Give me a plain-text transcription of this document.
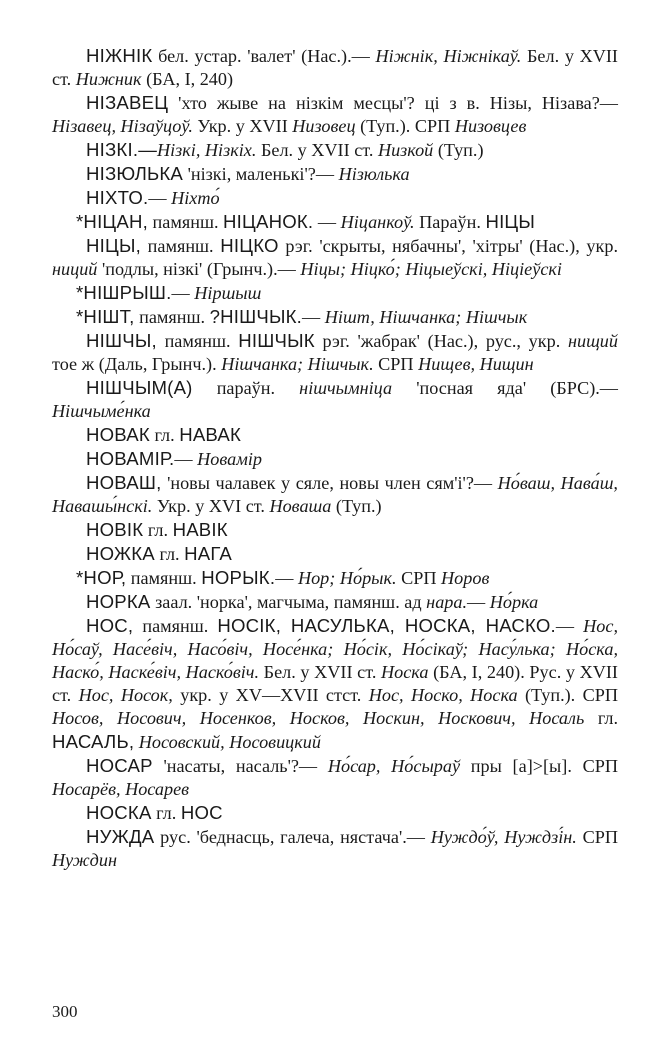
НІЖНІК бел. устар. 'валет' (Нас.).— Ніжнік, Ніжнікаў. Бел. у XVII ст. Нижник (БА, І, 240)

НІЗАВЕЦ 'хто жыве на нізкім месцы'? ці з в. Нізы, Нізава?—Нізавец, Нізаўцоў. Укр. у XVII Низовец (Туп.). СРП Низовцев

НІЗКІ.—Нізкі, Нізкіх. Бел. у XVII ст. Низкой (Туп.)

НІЗЮЛЬКА 'нізкі, маленькі'?— Нізюлька

НІХТО.— Ніхто́

*НІЦАН, памянш. НІЦАНОК. — Ніцанкоў. Параўн. НІЦЫ

НІЦЫ, памянш. НІЦКО рэг. 'скрыты, нябачны', 'хітры' (Нас.), укр. ниций 'подлы, нізкі' (Грынч.).— Ніцы; Ніцко́; Ніцыеўскі, Ніціеўскі

*НІШРЫШ.— Ніршыш

*НІШТ, памянш. ?НІШЧЫК.— Нішт, Нішчанка; Нішчык

НІШЧЫ, памянш. НІШЧЫК рэг. 'жабрак' (Нас.), рус., укр. нищий тое ж (Даль, Грынч.). Нішчанка; Нішчык. СРП Нищев, Нищин

НІШЧЫМ(А) параўн. нішчымніца 'посная яда' (БРС).— Нішчыме́нка

НОВАК гл. НАВАК

НОВАМІР.— Новамір

НОВАШ, 'новы чалавек у сяле, новы член сям'і'?— Но́ваш, Нава́ш, Навашы́нскі. Укр. у XVI ст. Новаша (Туп.)

НОВІК гл. НАВІК

НОЖКА гл. НАГА

*НОР, памянш. НОРЫК.— Нор; Но́рык. СРП Норов

НОРКА заал. 'норка', магчыма, памянш. ад нара.— Но́рка

НОС, памянш. НОСІК, НАСУЛЬКА, НОСКА, НАСКО.— Нос, Но́саў, Насе́віч, Насо́віч, Носе́нка; Но́сік, Но́сікаў; Насу́лька; Но́ска, Наско́, Наске́віч, Наско́віч. Бел. у XVII ст. Носка (БА, І, 240). Рус. у XVII ст. Нос, Носок, укр. у XV—XVII стст. Нос, Носко, Носка (Туп.). СРП Носов, Носович, Носенков, Носков, Носкин, Носкович, Носаль гл. НАСАЛЬ, Носовский, Носовицкий

НОСАР 'насаты, насаль'?— Но́сар, Но́сыраў пры [а]>[ы]. СРП Носарёв, Носарев

НОСКА гл. НОС

НУЖДА рус. 'беднасць, галеча, нястача'.— Нуждо́ў, Нуждзі́н. СРП Нуждин

300
